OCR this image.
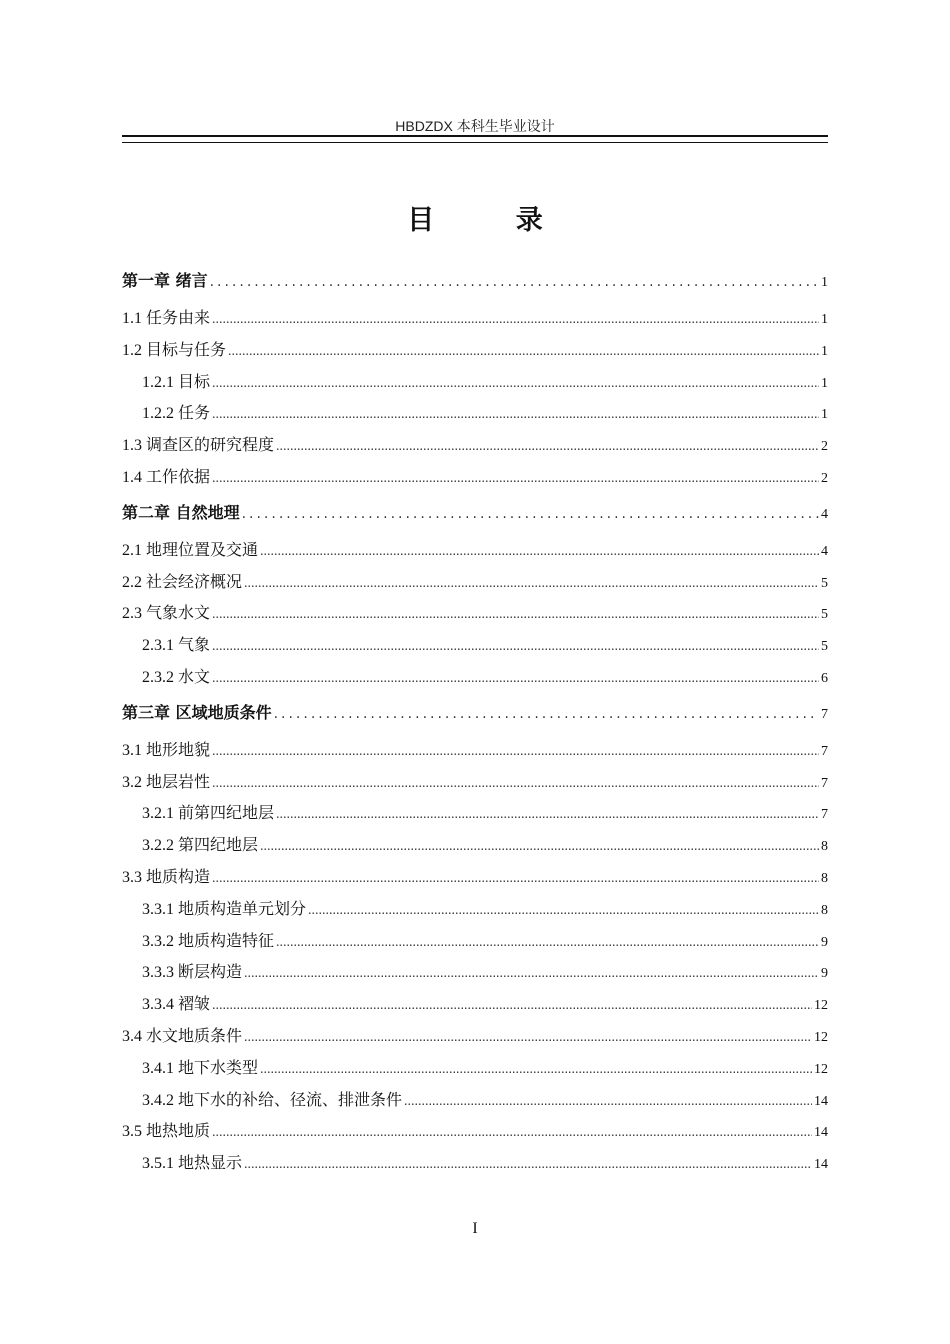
HBDZDX 本科生毕业设计
目 录
第一章 绪言 .....	1
1.1 任务由来 .....	1
1.2 目标与任务 .....	1
1.2.1 目标 .....	1
1.2.2 任务 .....	1
1.3 调查区的研究程度 .....	2
1.4 工作依据 .....	2
第二章 自然地理 .....	4
2.1 地理位置及交通 .....	4
2.2 社会经济概况 .....	5
2.3 气象水文 .....	5
2.3.1 气象 .....	5
2.3.2 水文 .....	6
第三章 区域地质条件 .....	7
3.1 地形地貌 .....	7
3.2 地层岩性 .....	7
3.2.1 前第四纪地层 .....	7
3.2.2 第四纪地层 .....	8
3.3 地质构造 .....	8
3.3.1 地质构造单元划分 .....	8
3.3.2 地质构造特征 .....	9
3.3.3 断层构造 .....	9
3.3.4 褶皱 .....	12
3.4 水文地质条件 .....	12
3.4.1 地下水类型 .....	12
3.4.2 地下水的补给、径流、排泄条件 .....	14
3.5 地热地质 .....	14
3.5.1 地热显示 .....	14
I
